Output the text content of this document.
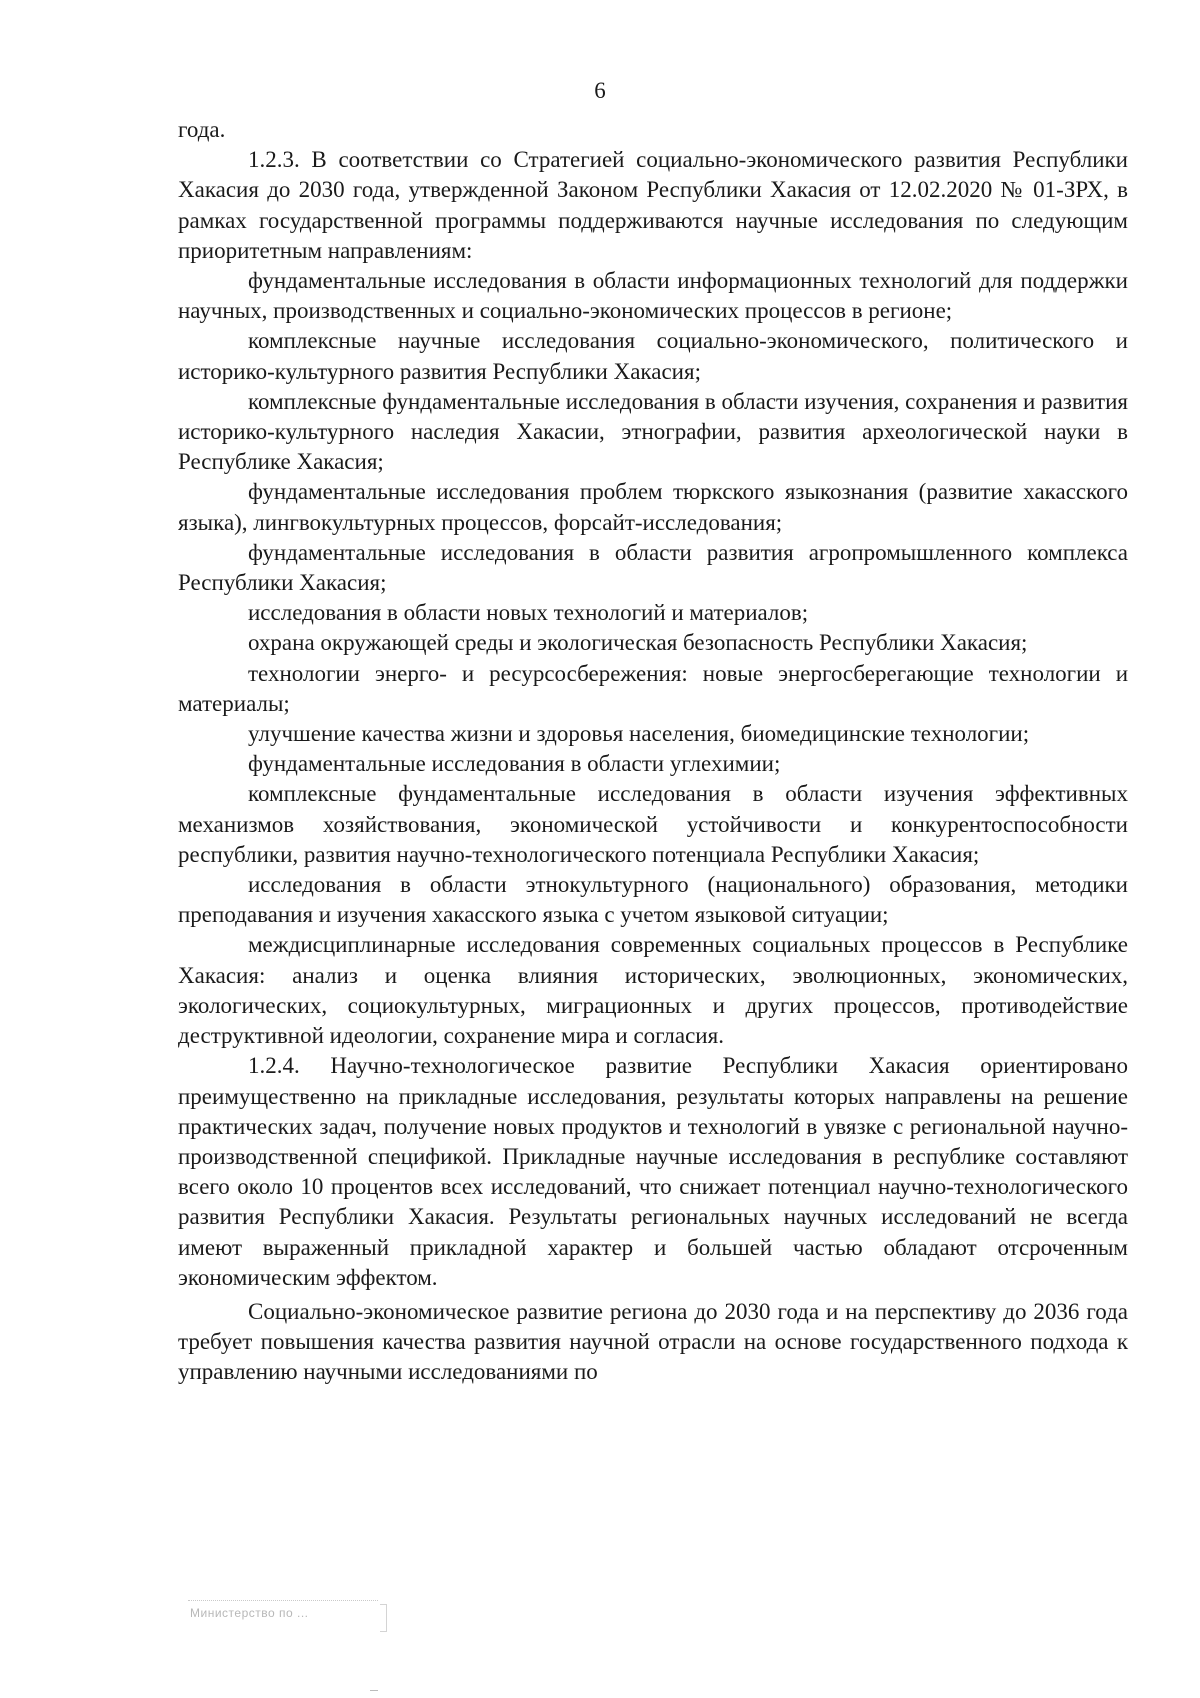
6

года.

1.2.3. В соответствии со Стратегией социально-экономического развития Республики Хакасия до 2030 года, утвержденной Законом Республики Хакасия от 12.02.2020 № 01-ЗРХ, в рамках государственной программы поддерживаются научные исследования по следующим приоритетным направлениям:

фундаментальные исследования в области информационных технологий для поддержки научных, производственных и социально-экономических процессов в регионе;

комплексные научные исследования социально-экономического, политического и историко-культурного развития Республики Хакасия;

комплексные фундаментальные исследования в области изучения, сохранения и развития историко-культурного наследия Хакасии, этнографии, развития археологической науки в Республике Хакасия;

фундаментальные исследования проблем тюркского языкознания (развитие хакасского языка), лингвокультурных процессов, форсайт-исследования;

фундаментальные исследования в области развития агропромышленного комплекса Республики Хакасия;

исследования в области новых технологий и материалов;

охрана окружающей среды и экологическая безопасность Республики Хакасия;

технологии энерго- и ресурсосбережения: новые энергосберегающие технологии и материалы;

улучшение качества жизни и здоровья населения, биомедицинские технологии;

фундаментальные исследования в области углехимии;

комплексные фундаментальные исследования в области изучения эффективных механизмов хозяйствования, экономической устойчивости и конкурентоспособности республики, развития научно-технологического потенциала Республики Хакасия;

исследования в области этнокультурного (национального) образования, методики преподавания и изучения хакасского языка с учетом языковой ситуации;

междисциплинарные исследования современных социальных процессов в Республике Хакасия: анализ и оценка влияния исторических, эволюционных, экономических, экологических, социокультурных, миграционных и других процессов, противодействие деструктивной идеологии, сохранение мира и согласия.

1.2.4. Научно-технологическое развитие Республики Хакасия ориентировано преимущественно на прикладные исследования, результаты которых направлены на решение практических задач, получение новых продуктов и технологий в увязке с региональной научно-производственной спецификой. Прикладные научные исследования в республике составляют всего около 10 процентов всех исследований, что снижает потенциал научно-технологического развития Республики Хакасия. Результаты региональных научных исследований не всегда имеют выраженный прикладной характер и большей частью обладают отсроченным экономическим эффектом.

Социально-экономическое развитие региона до 2030 года и на перспективу до 2036 года требует повышения качества развития научной отрасли на основе государственного подхода к управлению научными исследованиями по

Министерство по ...
